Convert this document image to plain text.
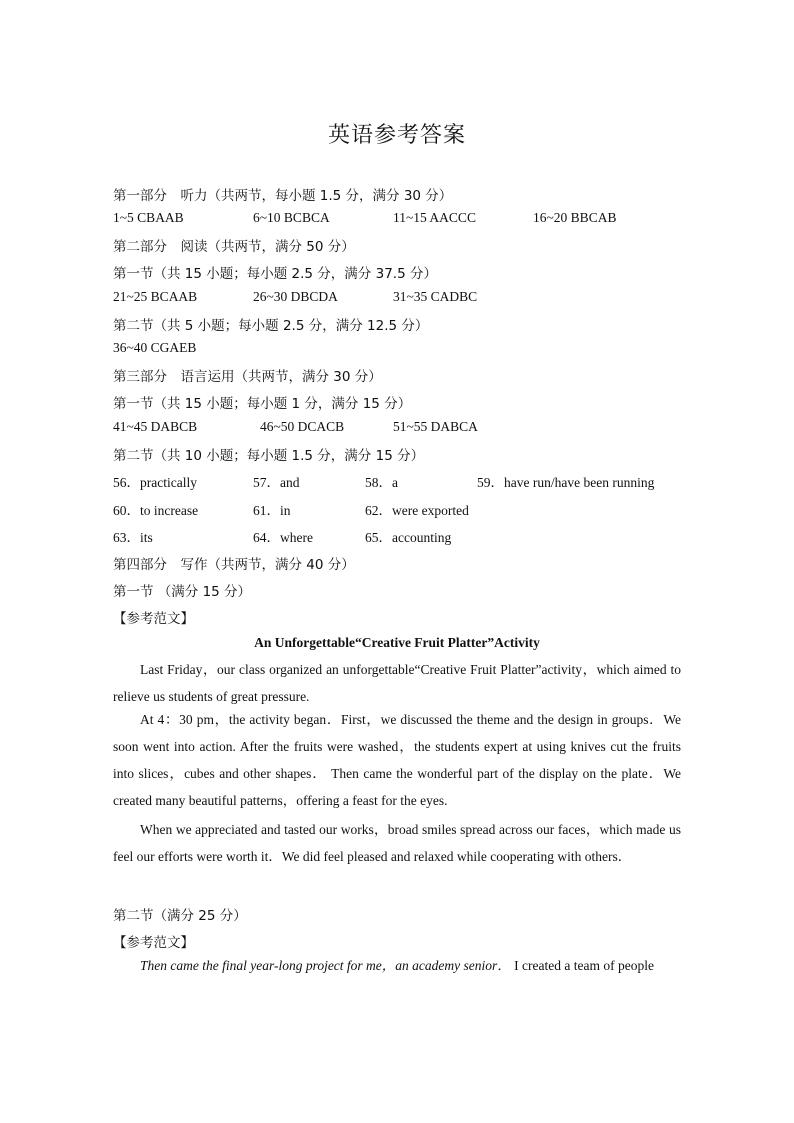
英语参考答案
第一部分　听力（共两节，每小题 1.5 分，满分 30 分）
1~5 CBAAB	6~10 BCBCA	11~15 AACCC	16~20 BBCAB
第二部分　阅读（共两节，满分 50 分）
第一节（共 15 小题；每小题 2.5 分，满分 37.5 分）
21~25 BCAAB	26~30 DBCDA	31~35 CADBC
第二节（共 5 小题；每小题 2.5 分，满分 12.5 分）
36~40 CGAEB
第三部分　语言运用（共两节，满分 30 分）
第一节（共 15 小题；每小题 1 分，满分 15 分）
41~45 DABCB	46~50 DCACB	51~55 DABCA
第二节（共 10 小题；每小题 1.5 分，满分 15 分）
56．practically	57．and	58．a	59．have run/have been running
60．to increase	61．in	62．were exported
63．its	64．where	65．accounting
第四部分　写作（共两节，满分 40 分）
第一节 （满分 15 分）
【参考范文】
An Unforgettable“Creative Fruit Platter”Activity
Last Friday，our class organized an unforgettable“Creative Fruit Platter”activity，which aimed to relieve us students of great pressure.
At 4：30 pm，the activity began．First，we discussed the theme and the design in groups．We soon went into action. After the fruits were washed，the students expert at using knives cut the fruits into slices，cubes and other shapes． Then came the wonderful part of the display on the plate．We created many beautiful patterns，offering a feast for the eyes.
When we appreciated and tasted our works，broad smiles spread across our faces，which made us feel our efforts were worth it．We did feel pleased and relaxed while cooperating with others．
第二节（满分 25 分）
【参考范文】
Then came the final year-long project for me，an academy senior． I created a team of people
